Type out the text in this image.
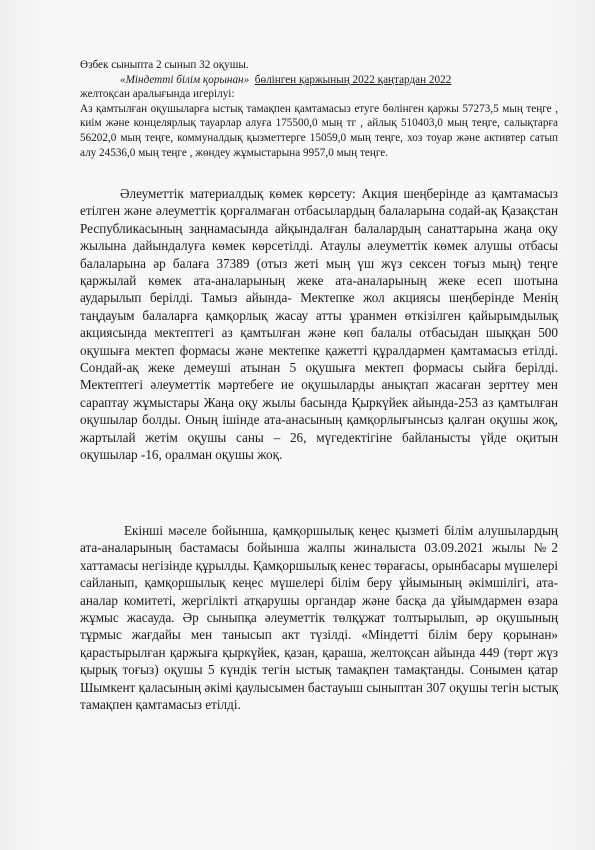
Өзбек сыныпта 2 сынып 32 оқушы.

«Міндетті білім қорынан» бөлінген қаржының 2022 қаңтардан 2022

желтоқсан аралығында игерілуі:

Аз қамтылған оқушыларға ыстық тамақпен қамтамасыз етуге бөлінген қаржы 57273,5 мың теңге , киім және концелярлық тауарлар алуға 175500,0 мың тг , айлық 510403,0 мың теңге, салықтарға 56202,0 мың теңге, коммуналдық қызметтерге 15059,0 мың теңге, хоз тоуар және активтер сатып алу 24536,0 мың теңге , жөндеу жұмыстарына 9957,0 мың теңге.

Әлеуметтік материалдық көмек көрсету: Акция шеңберінде аз қамтамасыз етілген және әлеуметтік қорғалмаған отбасылардың балаларына содай-ақ Қазақстан Республикасының заңнамасында айқындалған балалардың санаттарына жаңа оқу жылына дайындалуға көмек көрсетілді. Атаулы әлеуметтік көмек алушы отбасы балаларына әр балаға 37389 (отыз жеті мың үш жүз сексен тоғыз мың) теңге қаржылай көмек ата-аналарының жеке ата-аналарының жеке есеп шотына аударылып берілді. Тамыз айында- Мектепке жол акциясы шеңберінде Менің таңдауым балаларға қамқорлық жасау атты ұранмен өткізілген қайырымдылық акциясында мектептегі аз қамтылған және көп балалы отбасыдан шыққан 500 оқушыға мектеп формасы және мектепке қажетті құралдармен қамтамасыз етілді. Сондай-ақ жеке демеуші атынан 5 оқушыға мектеп формасы сыйға берілді. Мектептегі әлеуметтік мәртебеге ие оқушыларды анықтап жасаған зерттеу мен сараптау жұмыстары Жаңа оқу жылы басында Қыркүйек айында-253 аз қамтылған оқушылар болды. Оның ішінде ата-анасының қамқорлығынсыз қалған оқушы жоқ, жартылай жетім оқушы саны – 26, мүгедектігіне байланысты үйде оқитын оқушылар -16, оралман оқушы жоқ.

Екінші мәселе бойынша, қамқоршылық кеңес қызметі білім алушылардың ата-аналарының бастамасы бойынша жалпы жиналыста 03.09.2021 жылы №2 хаттамасы негізінде құрылды. Қамқоршылық кенес төрағасы, орынбасары мүшелері сайланып, қамқоршылық кеңес мүшелері білім беру ұйымының әкімшілігі, ата-аналар комитеті, жергілікті атқарушы органдар және басқа да ұйымдармен өзара жұмыс жасауда. Әр сыныпқа әлеуметтік төлқұжат толтырылып, әр оқушының тұрмыс жағдайы мен танысып акт түзілді. «Міндетті білім беру қорынан» қарастырылған қаржыға қыркүйек, қазан, қараша, желтоқсан айында 449 (төрт жүз қырық тоғыз) оқушы 5 күндік тегін ыстық тамақпен тамақтанды. Сонымен қатар Шымкент қаласының әкімі қаулысымен бастауыш сыныптан 307 оқушы тегін ыстық тамақпен қамтамасыз етілді.
